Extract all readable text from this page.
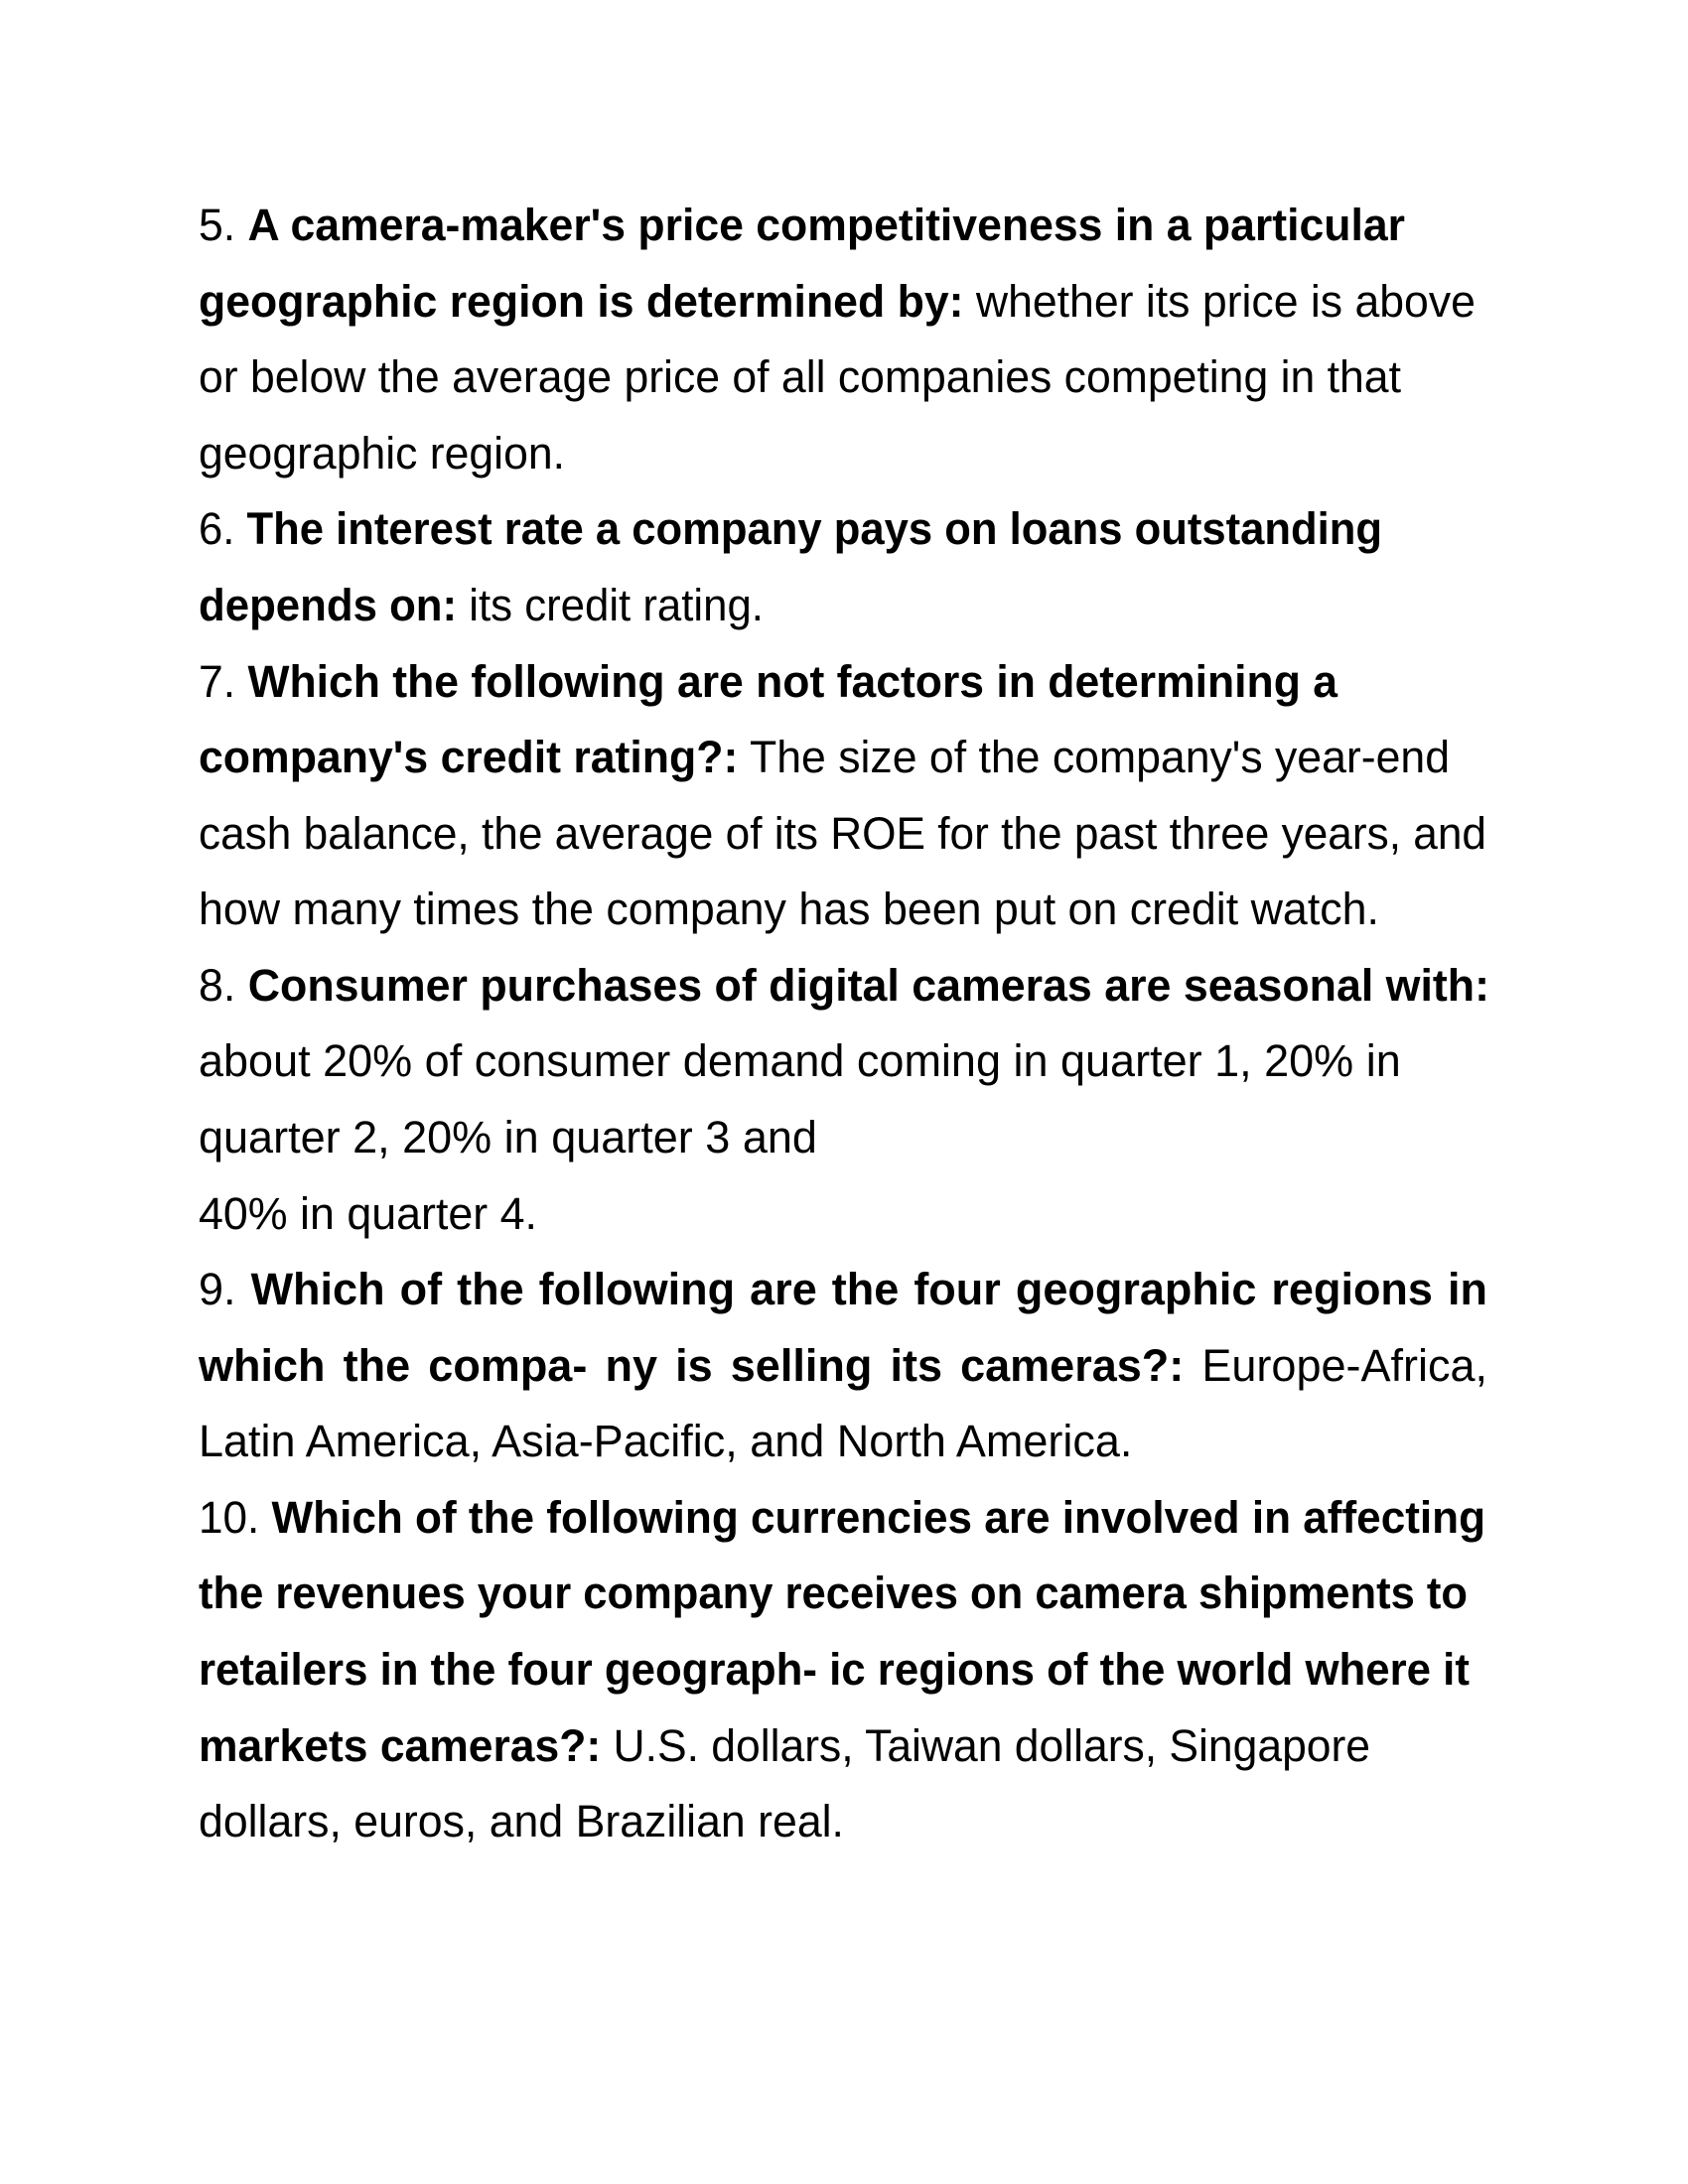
5. A camera-maker's price competitiveness in a particular
geographic region is determined by: whether its price is above
or below the average price of all companies competing in that
geographic region.
6. The interest rate a company pays on loans outstanding
depends on: its credit rating.
7. Which the following are not factors in determining a
company's credit rating?: The size of the company's year-end
cash balance, the average of its ROE for the past three years, and
how many times the company has been put on credit watch.
8. Consumer purchases of digital cameras are seasonal with:
about 20% of consumer demand coming in quarter 1, 20% in
quarter 2, 20% in quarter 3 and
40% in quarter 4.
9. Which of the following are the four geographic regions in
which the compa- ny is selling its cameras?: Europe-Africa,
Latin America, Asia-Pacific, and North America.
10. Which of the following currencies are involved in affecting
the revenues your company receives on camera shipments to
retailers in the four geograph- ic regions of the world where it
markets cameras?: U.S. dollars, Taiwan dollars, Singapore
dollars, euros, and Brazilian real.
